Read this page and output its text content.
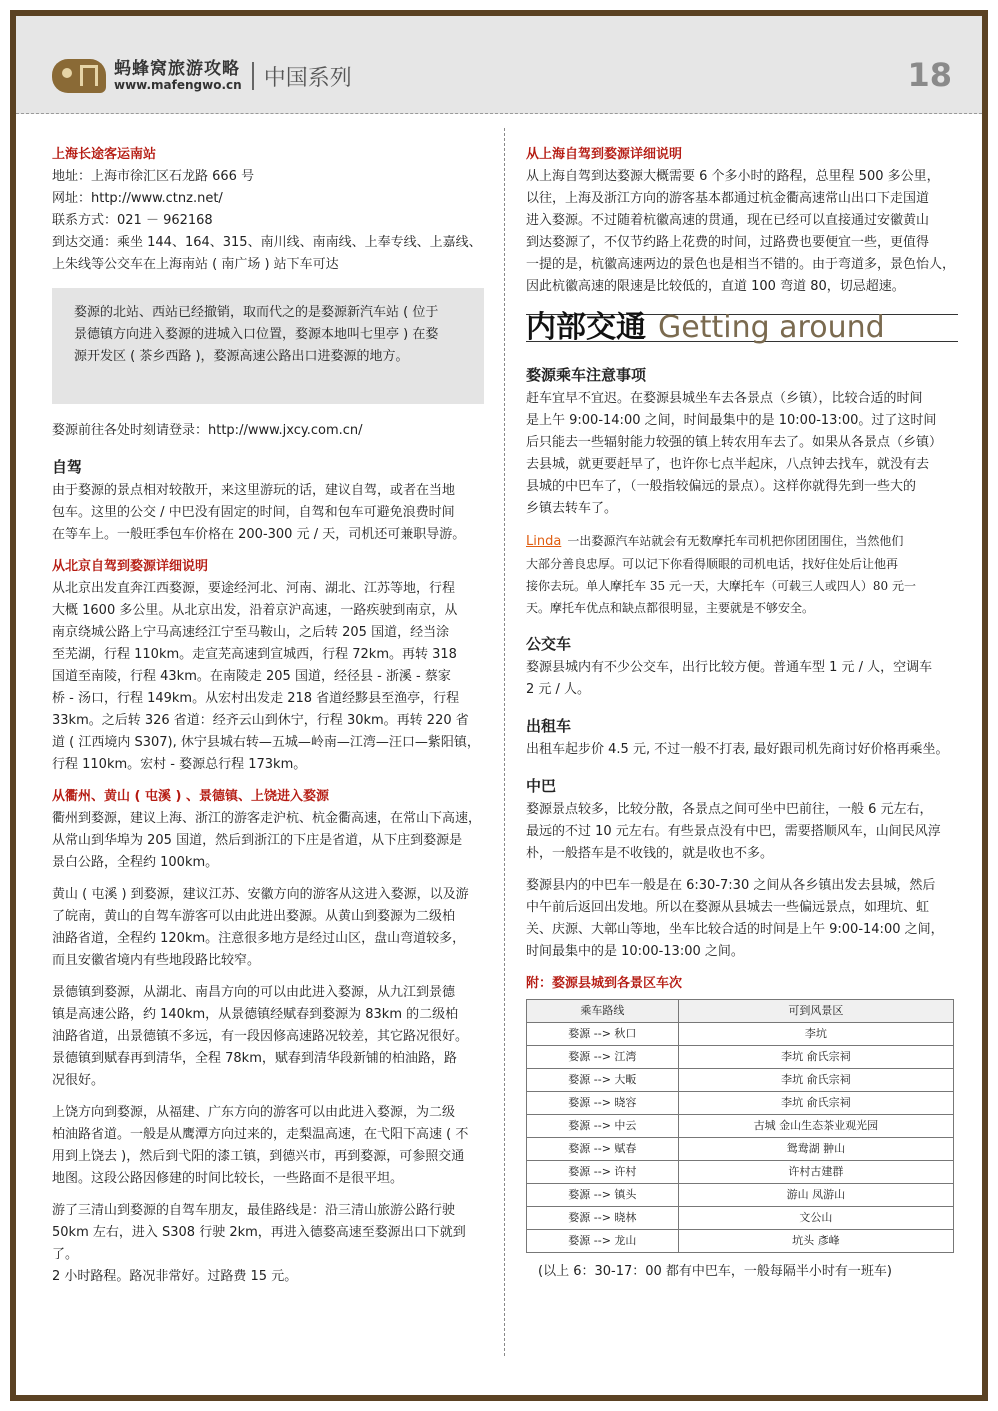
蚂蜂窝旅游攻略
www.mafengwo.cn 中国系列	18
上海长途客运南站
地址：上海市徐汇区石龙路 666 号
网址：http://www.ctnz.net/
联系方式：021 － 962168
到达交通：乘坐 144、164、315、南川线、南南线、上奉专线、上嘉线、
上朱线等公交车在上海南站 ( 南广场 ) 站下车可达
婺源的北站、西站已经撤销，取而代之的是婺源新汽车站 ( 位于
景德镇方向进入婺源的进城入口位置，婺源本地叫七里亭 ) 在婺
源开发区 ( 茶乡西路 )，婺源高速公路出口进婺源的地方。

婺源前往各处时刻请登录：http://www.jxcy.com.cn/

自驾

由于婺源的景点相对较散开，来这里游玩的话，建议自驾，或者在当地
包车。这里的公交 / 中巴没有固定的时间，自驾和包车可避免浪费时间
在等车上。一般旺季包车价格在 200-300 元 / 天，司机还可兼职导游。

从北京自驾到婺源详细说明

从北京出发直奔江西婺源，要途经河北、河南、湖北、江苏等地，行程
大概 1600 多公里。从北京出发，沿着京沪高速，一路疾驶到南京，从
南京绕城公路上宁马高速经江宁至马鞍山，之后转 205 国道，经当涂
至芜湖，行程 110km。走宣芜高速到宣城西，行程 72km。再转 318
国道至南陵，行程 43km。在南陵走 205 国道，经径县 - 浙溪 - 蔡家
桥 - 汤口，行程 149km。从宏村出发走 218 省道经黟县至渔亭，行程
33km。之后转 326 省道：经齐云山到休宁，行程 30km。再转 220 省
道 ( 江西境内 S307), 休宁县城右转—五城—岭南—江湾—汪口—紫阳镇，
行程 110km。宏村 - 婺源总行程 173km。

从衢州、黄山 ( 屯溪 ) 、景德镇、上饶进入婺源

衢州到婺源，建议上海、浙江的游客走沪杭、杭金衢高速，在常山下高速，
从常山到华埠为 205 国道，然后到浙江的下庄是省道，从下庄到婺源是
景白公路，全程约 100km。

黄山 ( 屯溪 ) 到婺源，建议江苏、安徽方向的游客从这进入婺源，以及游
了皖南，黄山的自驾车游客可以由此进出婺源。从黄山到婺源为二级柏
油路省道，全程约 120km。注意很多地方是经过山区，盘山弯道较多，
而且安徽省境内有些地段路比较窄。

景德镇到婺源，从湖北、南昌方向的可以由此进入婺源，从九江到景德
镇是高速公路，约 140km，从景德镇经赋春到婺源为 83km 的二级柏
油路省道，出景德镇不多远，有一段因修高速路况较差，其它路况很好。
景德镇到赋春再到清华，全程 78km，赋春到清华段新铺的柏油路，路
况很好。

上饶方向到婺源，从福建、广东方向的游客可以由此进入婺源，为二级
柏油路省道。一般是从鹰潭方向过来的，走梨温高速，在弋阳下高速 ( 不
用到上饶去 )，然后到弋阳的漆工镇，到德兴市，再到婺源，可参照交通
地图。这段公路因修建的时间比较长，一些路面不是很平坦。

游了三清山到婺源的自驾车朋友，最佳路线是：沿三清山旅游公路行驶
50km 左右，进入 S308 行驶 2km，再进入德婺高速至婺源出口下就到了。
2 小时路程。路况非常好。过路费 15 元。

从上海自驾到婺源详细说明

从上海自驾到达婺源大概需要 6 个多小时的路程，总里程 500 多公里，
以往，上海及浙江方向的游客基本都通过杭金衢高速常山出口下走国道
进入婺源。不过随着杭徽高速的贯通，现在已经可以直接通过安徽黄山
到达婺源了，不仅节约路上花费的时间，过路费也要便宜一些，更值得
一提的是，杭徽高速两边的景色也是相当不错的。由于弯道多，景色怡人，
因此杭徽高速的限速是比较低的，直道 100 弯道 80，切忌超速。

内部交通 Getting around
婺源乘车注意事项

赶车宜早不宜迟。在婺源县城坐车去各景点（乡镇），比较合适的时间
是上午 9:00-14:00 之间，时间最集中的是 10:00-13:00。过了这时间
后只能去一些辐射能力较强的镇上转农用车去了。如果从各景点（乡镇）
去县城，就更要赶早了，也许你七点半起床，八点钟去找车，就没有去
县城的中巴车了，（一般指较偏远的景点）。这样你就得先到一些大的
乡镇去转车了。

Linda 一出婺源汽车站就会有无数摩托车司机把你团团围住，当然他们
大部分善良忠厚。可以记下你看得顺眼的司机电话，找好住处后让他再
接你去玩。单人摩托车 35 元一天，大摩托车（可载三人或四人）80 元一
天。摩托车优点和缺点都很明显，主要就是不够安全。
公交车

婺源县城内有不少公交车，出行比较方便。普通车型 1 元 / 人，空调车
2 元 / 人。

出租车

出租车起步价 4.5 元, 不过一般不打表, 最好跟司机先商讨好价格再乘坐。

中巴

婺源景点较多，比较分散，各景点之间可坐中巴前往，一般 6 元左右，
最远的不过 10 元左右。有些景点没有中巴，需要搭顺风车，山间民风淳
朴，一般搭车是不收钱的，就是收也不多。

婺源县内的中巴车一般是在 6:30-7:30 之间从各乡镇出发去县城，然后
中午前后返回出发地。所以在婺源从县城去一些偏远景点，如理坑、虹
关、庆源、大鄣山等地，坐车比较合适的时间是上午 9:00-14:00 之间，
时间最集中的是 10:00-13:00 之间。

附：婺源县城到各景区车次
乘车路线	可到风景区
婺源 --> 秋口	李坑
婺源 --> 江湾	李坑 俞氏宗祠
婺源 --> 大畈	李坑 俞氏宗祠
婺源 --> 晓容	李坑 俞氏宗祠
婺源 --> 中云	古城 金山生态茶业观光园
婺源 --> 赋春	鸳鸯湖 翀山
婺源 --> 许村	许村古建群
婺源 --> 镇头	游山 凤游山
婺源 --> 晓林	文公山
婺源 --> 龙山	坑头 彥峰
(以上 6：30-17：00 都有中巴车，一般每隔半小时有一班车)
